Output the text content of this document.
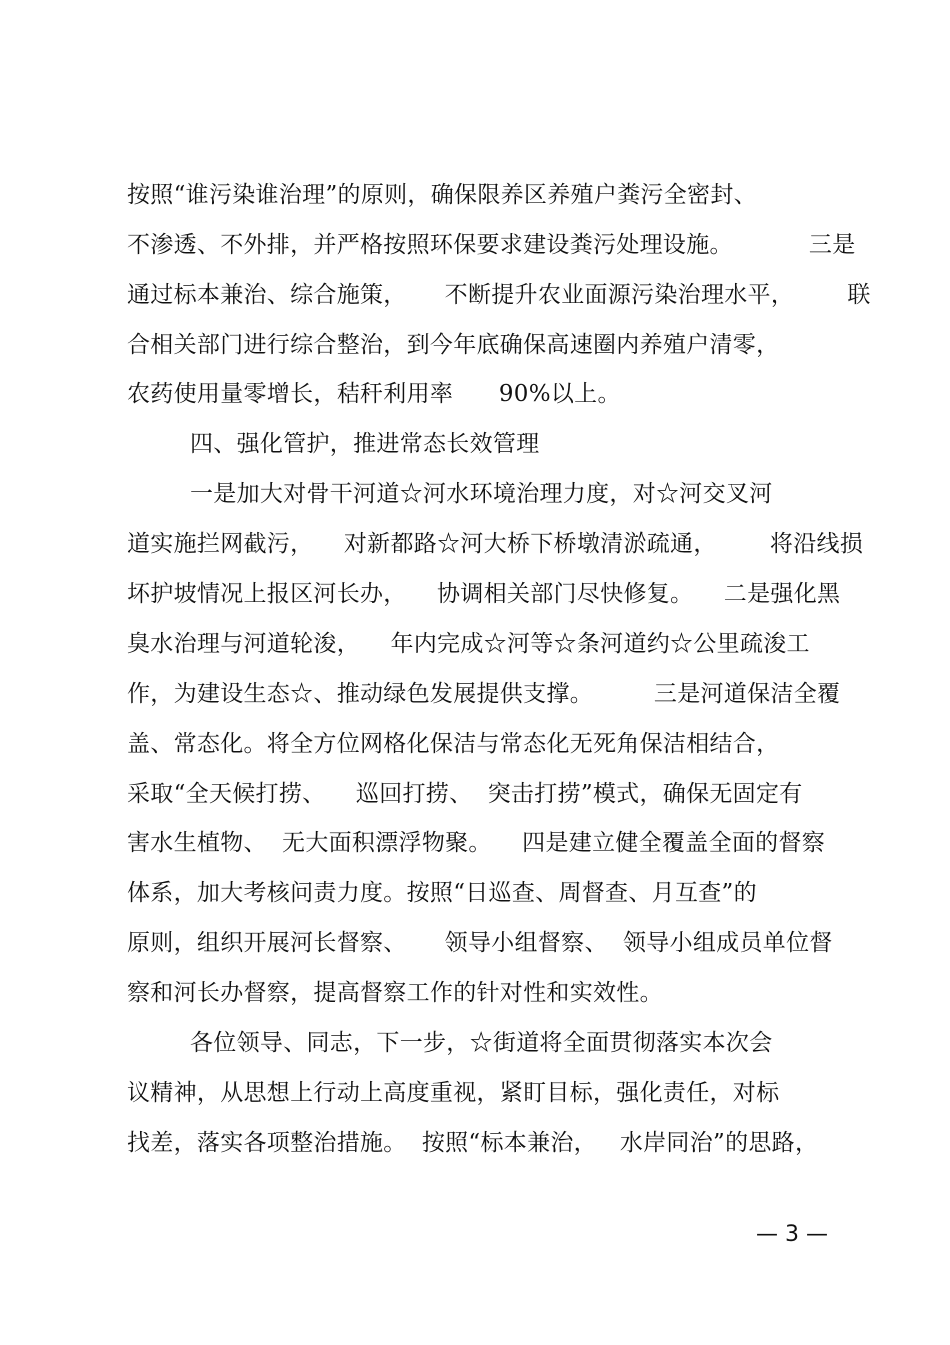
按照“谁污染谁治理”的原则，确保限养区养殖户粪污全密封、
不渗透、不外排，并严格按照环保要求建设粪污处理设施。          三是
通过标本兼治、综合施策，     不断提升农业面源污染治理水平，       联
合相关部门进行综合整治，到今年底确保高速圈内养殖户清零，
农药使用量零增长，秸秆利用率      90%以上。
四、强化管护，推进常态长效管理
一是加大对骨干河道☆河水环境治理力度，对☆河交叉河
道实施拦网截污，    对新都路☆河大桥下桥墩清淤疏通，       将沿线损
坏护坡情况上报区河长办，    协调相关部门尽快修复。    二是强化黑
臭水治理与河道轮浚，    年内完成☆河等☆条河道约☆公里疏浚工
作，为建设生态☆、推动绿色发展提供支撑。        三是河道保洁全覆
盖、常态化。将全方位网格化保洁与常态化无死角保洁相结合，
采取“全天候打捞、    巡回打捞、  突击打捞”模式，确保无固定有
害水生植物、  无大面积漂浮物聚。    四是建立健全覆盖全面的督察
体系，加大考核问责力度。按照“日巡查、周督查、月互查”的
原则，组织开展河长督察、     领导小组督察、  领导小组成员单位督
察和河长办督察，提高督察工作的针对性和实效性。
各位领导、同志，下一步，☆街道将全面贯彻落实本次会
议精神，从思想上行动上高度重视，紧盯目标，强化责任，对标
找差，落实各项整治措施。  按照“标本兼治，   水岸同治”的思路，
— 3 —
